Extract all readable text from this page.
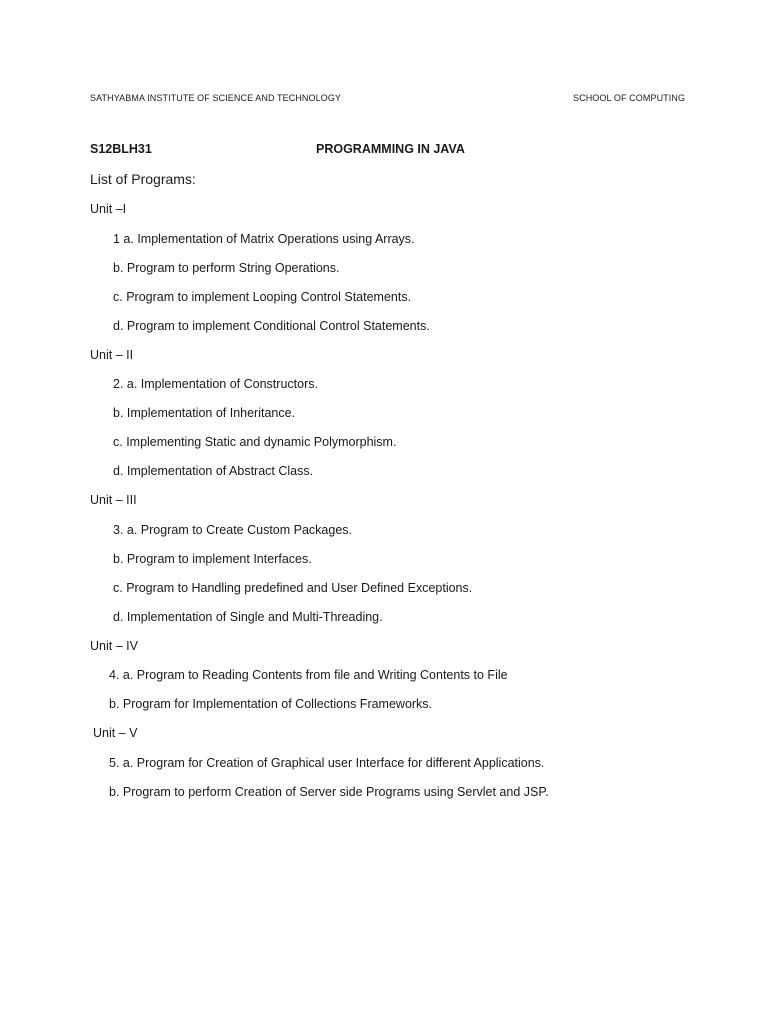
SATHYABMA INSTITUTE OF SCIENCE AND TECHNOLOGY	SCHOOL OF COMPUTING
S12BLH31	PROGRAMMING IN JAVA
List of Programs:
Unit –I
1 a. Implementation of Matrix Operations using Arrays.
b. Program to perform String Operations.
c. Program to implement Looping Control Statements.
d. Program to implement Conditional Control Statements.
Unit – II
2. a. Implementation of Constructors.
b. Implementation of Inheritance.
c. Implementing Static and dynamic Polymorphism.
d. Implementation of Abstract Class.
Unit – III
3. a. Program to Create Custom Packages.
b. Program to implement Interfaces.
c. Program to Handling predefined and User Defined Exceptions.
d. Implementation of Single and Multi-Threading.
Unit – IV
4. a. Program to Reading Contents from file and Writing Contents to File
b. Program for Implementation of Collections Frameworks.
Unit – V
5. a. Program for Creation of Graphical user Interface for different Applications.
b. Program to perform Creation of Server side Programs using Servlet and JSP.
